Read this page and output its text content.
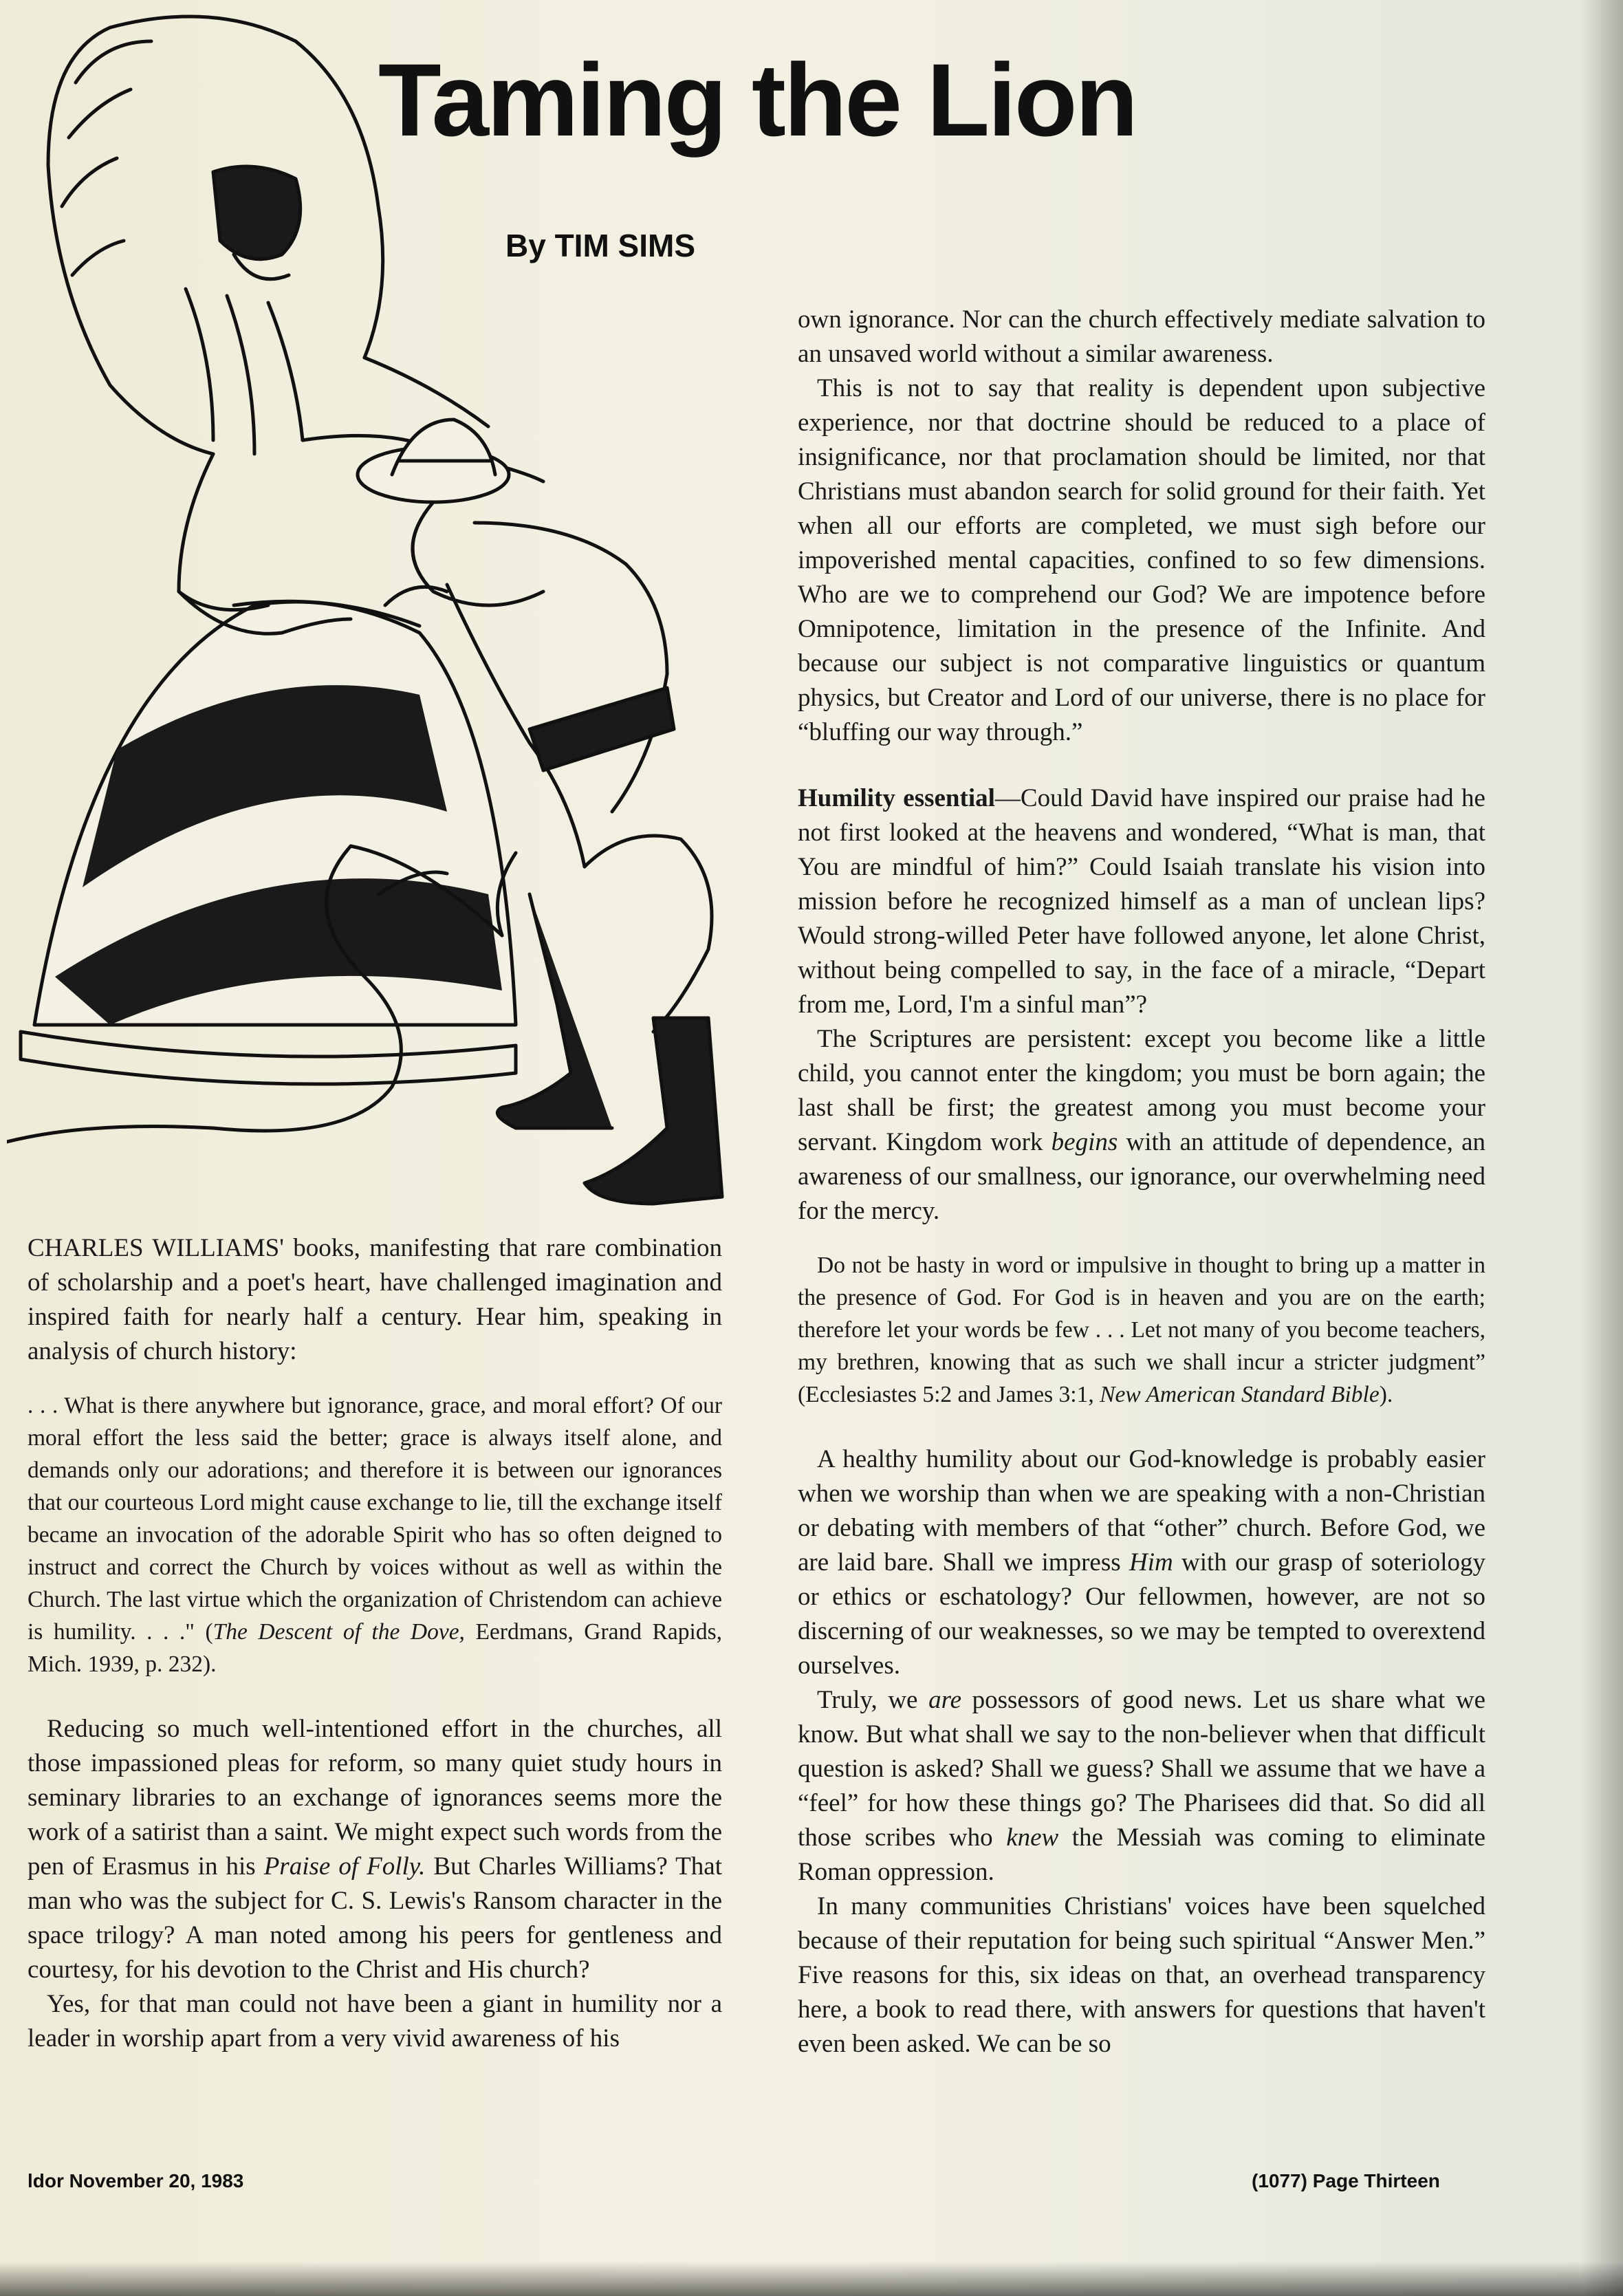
Taming the Lion
By TIM SIMS

CHARLES WILLIAMS' books, manifesting that rare combination of scholarship and a poet's heart, have challenged imagination and inspired faith for nearly half a century. Hear him, speaking in analysis of church history:

. . . What is there anywhere but ignorance, grace, and moral effort? Of our moral effort the less said the better; grace is always itself alone, and demands only our adorations; and therefore it is between our ignorances that our courteous Lord might cause exchange to lie, till the exchange itself became an invocation of the adorable Spirit who has so often deigned to instruct and correct the Church by voices without as well as within the Church. The last virtue which the organization of Christendom can achieve is humility. . . ." (The Descent of the Dove, Eerdmans, Grand Rapids, Mich. 1939, p. 232).

Reducing so much well-intentioned effort in the churches, all those impassioned pleas for reform, so many quiet study hours in seminary libraries to an exchange of ignorances seems more the work of a satirist than a saint. We might expect such words from the pen of Erasmus in his Praise of Folly. But Charles Williams? That man who was the subject for C. S. Lewis's Ransom character in the space trilogy? A man noted among his peers for gentleness and courtesy, for his devotion to the Christ and His church?

Yes, for that man could not have been a giant in humility nor a leader in worship apart from a very vivid awareness of his

own ignorance. Nor can the church effectively mediate salvation to an unsaved world without a similar awareness.

This is not to say that reality is dependent upon subjective experience, nor that doctrine should be reduced to a place of insignificance, nor that proclamation should be limited, nor that Christians must abandon search for solid ground for their faith. Yet when all our efforts are completed, we must sigh before our impoverished mental capacities, confined to so few dimensions. Who are we to comprehend our God? We are impotence before Omnipotence, limitation in the presence of the Infinite. And because our subject is not comparative linguistics or quantum physics, but Creator and Lord of our universe, there is no place for “bluffing our way through.”

Humility essential—Could David have inspired our praise had he not first looked at the heavens and wondered, “What is man, that You are mindful of him?” Could Isaiah translate his vision into mission before he recognized himself as a man of unclean lips? Would strong-willed Peter have followed anyone, let alone Christ, without being compelled to say, in the face of a miracle, “Depart from me, Lord, I'm a sinful man”?

The Scriptures are persistent: except you become like a little child, you cannot enter the kingdom; you must be born again; the last shall be first; the greatest among you must become your servant. Kingdom work begins with an attitude of dependence, an awareness of our smallness, our ignorance, our overwhelming need for the mercy.

Do not be hasty in word or impulsive in thought to bring up a matter in the presence of God. For God is in heaven and you are on the earth; therefore let your words be few . . . Let not many of you become teachers, my brethren, knowing that as such we shall incur a stricter judgment” (Ecclesiastes 5:2 and James 3:1, New American Standard Bible).

A healthy humility about our God-knowledge is probably easier when we worship than when we are speaking with a non-Christian or debating with members of that “other” church. Before God, we are laid bare. Shall we impress Him with our grasp of soteriology or ethics or eschatology? Our fellowmen, however, are not so discerning of our weaknesses, so we may be tempted to overextend ourselves.

Truly, we are possessors of good news. Let us share what we know. But what shall we say to the non-believer when that difficult question is asked? Shall we guess? Shall we assume that we have a “feel” for how these things go? The Pharisees did that. So did all those scribes who knew the Messiah was coming to eliminate Roman oppression.

In many communities Christians' voices have been squelched because of their reputation for being such spiritual “Answer Men.” Five reasons for this, six ideas on that, an overhead transparency here, a book to read there, with answers for questions that haven't even been asked. We can be so

ldor November 20, 1983	(1077) Page Thirteen
